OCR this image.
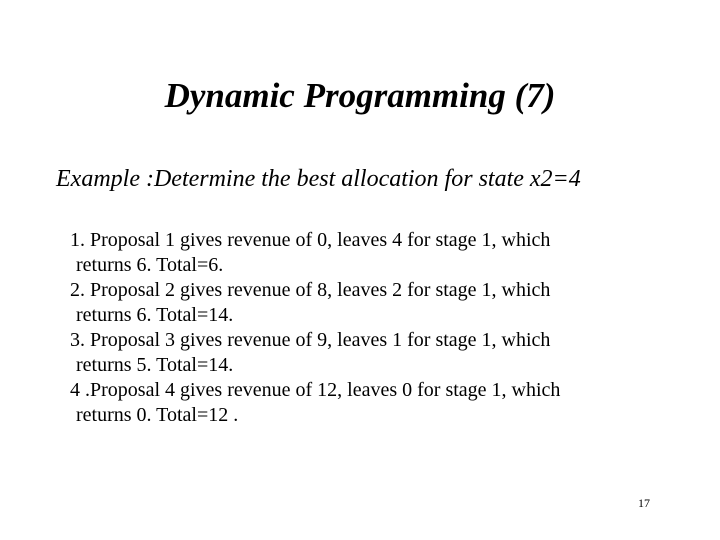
Dynamic Programming (7)

Example :Determine the best allocation for state x2=4

1. Proposal 1 gives revenue of 0, leaves 4 for stage 1, which
returns 6. Total=6.
2. Proposal 2 gives revenue of 8, leaves 2 for stage 1, which
returns 6. Total=14.
3. Proposal 3 gives revenue of 9, leaves 1 for stage 1, which
returns 5. Total=14.
4 .Proposal 4 gives revenue of 12, leaves 0 for stage 1, which
returns 0. Total=12 .

17
